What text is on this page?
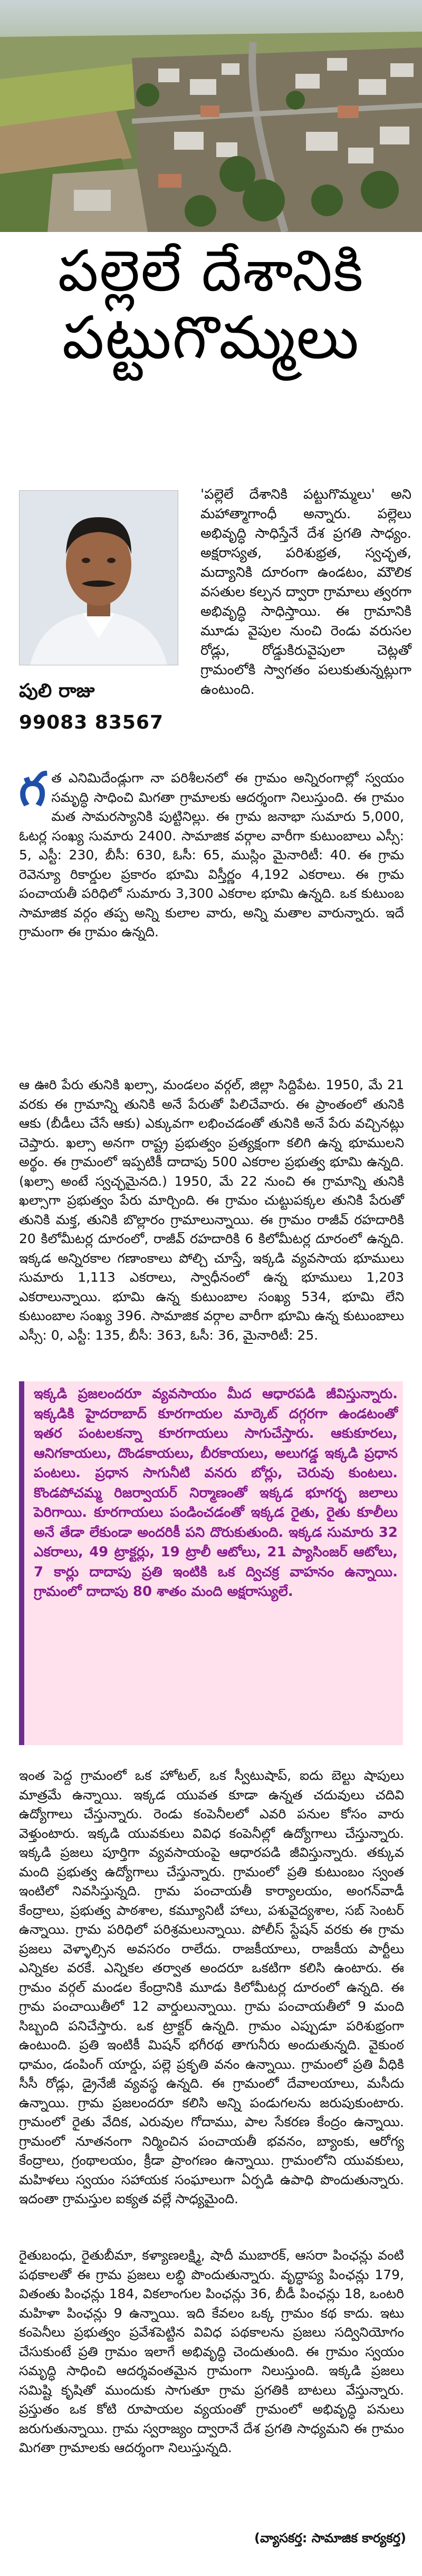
పల్లెలే దేశానికి
పట్టుగొమ్మలు
పులి రాజు
99083 83567

'పల్లెలే దేశానికి పట్టుగొమ్మలు' అని మహాత్మాగాంధీ అన్నారు. పల్లెలు అభివృద్ధి సాధిస్తేనే దేశ ప్రగతి సాధ్యం. అక్షరాస్యత, పరిశుభ్రత, స్వచ్ఛత, మద్యానికి దూరంగా ఉండటం, మౌలిక వసతుల కల్పన ద్వారా గ్రామాలు త్వరగా అభివృద్ధి సాధిస్తాయి. ఈ గ్రామానికి మూడు వైపుల నుంచి రెండు వరుసల రోడ్లు, రోడ్డుకిరువైపులా చెట్లతో గ్రామంలోకి స్వాగతం పలుకుతున్నట్లుగా ఉంటుంది.

గత ఎనిమిదేండ్లుగా నా పరిశీలనలో ఈ గ్రామం అన్నిరంగాల్లో స్వయం సమృద్ధి సాధించి మిగతా గ్రామాలకు ఆదర్శంగా నిలుస్తుంది. ఈ గ్రామం మత సామరస్యానికి పుట్టినిల్లు. ఈ గ్రామ జనాభా సుమారు 5,000, ఓటర్ల సంఖ్య సుమారు 2400. సామాజిక వర్గాల వారీగా కుటుంబాలు ఎస్సీ: 5, ఎస్టీ: 230, బీసీ: 630, ఓసీ: 65, ముస్లిం మైనారిటీ: 40. ఈ గ్రామ రెవెన్యూ రికార్డుల ప్రకారం భూమి విస్తీర్ణం 4,192 ఎకరాలు. ఈ గ్రామ పంచాయతీ పరిధిలో సుమారు 3,300 ఎకరాల భూమి ఉన్నది. ఒక కుటుంబ సామాజిక వర్గం తప్ప అన్ని కులాల వారు, అన్ని మతాల వారున్నారు. ఇదే గ్రామంగా ఈ గ్రామం ఉన్నది.

ఆ ఊరి పేరు తునికి ఖల్సా, మండలం వర్గల్, జిల్లా సిద్దిపేట. 1950, మే 21 వరకు ఈ గ్రామాన్ని తునికి అనే పేరుతో పిలిచేవారు. ఈ ప్రాంతంలో తునికి ఆకు (బీడీలు చేసే ఆకు) ఎక్కువగా లభించడంతో తునికి అనే పేరు వచ్చినట్లు చెప్తారు. ఖల్సా అనగా రాష్ట్ర ప్రభుత్వం ప్రత్యక్షంగా కలిగి ఉన్న భూములని అర్థం. ఈ గ్రామంలో ఇప్పటికీ దాదాపు 500 ఎకరాల ప్రభుత్వ భూమి ఉన్నది. (ఖల్సా అంటే స్వచ్ఛమైనది.) 1950, మే 22 నుంచి ఈ గ్రామాన్ని తునికి ఖల్సాగా ప్రభుత్వం పేరు మార్చింది. ఈ గ్రామం చుట్టుపక్కల తునికి పేరుతో తునికి మక్త, తునికి బొల్లారం గ్రామాలున్నాయి. ఈ గ్రామం రాజీవ్ రహదారికి 20 కిలోమీటర్ల దూరంలో, రాజీవ్ రహదారికి 6 కిలోమీటర్ల దూరంలో ఉన్నది. ఇక్కడ అన్నిరకాల గణాంకాలు పోల్చి చూస్తే, ఇక్కడి వ్యవసాయ భూములు సుమారు 1,113 ఎకరాలు, స్వాధీనంలో ఉన్న భూములు 1,203 ఎకరాలున్నాయి. భూమి ఉన్న కుటుంబాల సంఖ్య 534, భూమి లేని కుటుంబాల సంఖ్య 396. సామాజిక వర్గాల వారీగా భూమి ఉన్న కుటుంబాలు ఎస్సీ: 0, ఎస్టీ: 135, బీసీ: 363, ఓసీ: 36, మైనారిటీ: 25.

ఇక్కడి ప్రజలందరూ వ్యవసాయం మీద ఆధారపడి జీవిస్తున్నారు. ఇక్కడికి హైదరాబాద్ కూరగాయల మార్కెట్ దగ్గరగా ఉండటంతో ఇతర పంటలకన్నా కూరగాయలు సాగుచేస్తారు. ఆకుకూరలు, ఆనిగకాయలు, దొండకాయలు, బీరకాయలు, అలుగడ్డ ఇక్కడి ప్రధాన పంటలు. ప్రధాన సాగునీటి వనరు బోర్లు, చెరువు కుంటలు. కొండపోచమ్మ రిజర్వాయర్ నిర్మాణంతో ఇక్కడ భూగర్భ జలాలు పెరిగాయి. కూరగాయలు పండించడంతో ఇక్కడ రైతు, రైతు కూలీలు అనే తేడా లేకుండా అందరికీ పని దొరుకుతుంది. ఇక్కడ సుమారు 32 ఎకరాలు, 49 ట్రాక్టర్లు, 19 ట్రాలీ ఆటోలు, 21 ప్యాసింజర్ ఆటోలు, 7 కార్లు దాదాపు ప్రతి ఇంటికి ఒక ద్విచక్ర వాహనం ఉన్నాయి. గ్రామంలో దాదాపు 80 శాతం మంది అక్షరాస్యులే.

ఇంత పెద్ద గ్రామంలో ఒక హోటల్, ఒక స్వీటుషాప్, ఐదు బెల్టు షాపులు మాత్రమే ఉన్నాయి. ఇక్కడ యువత కూడా ఉన్నత చదువులు చదివి ఉద్యోగాలు చేస్తున్నారు. రెండు కంపెనీలలో ఎవరి పనుల కోసం వారు వెళ్తుంటారు. ఇక్కడి యువకులు వివిధ కంపెనీల్లో ఉద్యోగాలు చేస్తున్నారు. ఇక్కడి ప్రజలు పూర్తిగా వ్యవసాయంపై ఆధారపడి జీవిస్తున్నారు. తక్కువ మంది ప్రభుత్వ ఉద్యోగాలు చేస్తున్నారు. గ్రామంలో ప్రతి కుటుంబం స్వంత ఇంటిలో నివసిస్తున్నది. గ్రామ పంచాయతీ కార్యాలయం, అంగన్‌వాడీ కేంద్రాలు, ప్రభుత్వ పాఠశాల, కమ్యూనిటీ హాలు, పశువైద్యశాల, సబ్ సెంటర్ ఉన్నాయి. గ్రామ పరిధిలో పరిశ్రమలున్నాయి. పోలీస్ స్టేషన్ వరకు ఈ గ్రామ ప్రజలు వెళ్ళాల్సిన అవసరం రాలేదు. రాజకీయాలు, రాజకీయ పార్టీలు ఎన్నికల వరకే. ఎన్నికల తర్వాత అందరూ ఒకటిగా కలిసి ఉంటారు. ఈ గ్రామం వర్గల్ మండల కేంద్రానికి మూడు కిలోమీటర్ల దూరంలో ఉన్నది. ఈ గ్రామ పంచాయితీలో 12 వార్డులున్నాయి. గ్రామ పంచాయతీలో 9 మంది సిబ్బంది పనిచేస్తారు. ఒక ట్రాక్టర్ ఉన్నది. గ్రామం ఎప్పుడూ పరిశుభ్రంగా ఉంటుంది. ప్రతి ఇంటికీ మిషన్ భగీరథ తాగునీరు అందుతున్నది. వైకుంఠ ధామం, డంపింగ్ యార్డు, పల్లె ప్రకృతి వనం ఉన్నాయి. గ్రామంలో ప్రతి వీధికి సీసీ రోడ్లు, డ్రైనేజీ వ్యవస్థ ఉన్నది. ఈ గ్రామంలో దేవాలయాలు, మసీదు ఉన్నాయి. గ్రామ ప్రజలందరూ కలిసి అన్ని పండుగలను జరుపుకుంటారు. గ్రామంలో రైతు వేదిక, ఎరువుల గోదాము, పాల సేకరణ కేంద్రం ఉన్నాయి. గ్రామంలో నూతనంగా నిర్మించిన పంచాయతీ భవనం, బ్యాంకు, ఆరోగ్య కేంద్రాలు, గ్రంథాలయం, క్రీడా ప్రాంగణం ఉన్నాయి. గ్రామంలోని యువకులు, మహిళలు స్వయం సహాయక సంఘాలుగా ఏర్పడి ఉపాధి పొందుతున్నారు. ఇదంతా గ్రామస్తుల ఐక్యత వల్లే సాధ్యమైంది.

రైతుబంధు, రైతుబీమా, కళ్యాణలక్ష్మి, షాదీ ముబారక్, ఆసరా పింఛన్లు వంటి పథకాలతో ఈ గ్రామ ప్రజలు లబ్ధి పొందుతున్నారు. వృద్ధాప్య పింఛన్లు 179, వితంతు పింఛన్లు 184, వికలాంగుల పింఛన్లు 36, బీడీ పింఛన్లు 18, ఒంటరి మహిళా పింఛన్లు 9 ఉన్నాయి. ఇది కేవలం ఒక్క గ్రామం కథ కాదు. ఇటు కంపెనీలు ప్రభుత్వం ప్రవేశపెట్టిన వివిధ పథకాలను ప్రజలు సద్వినియోగం చేసుకుంటే ప్రతి గ్రామం ఇలాగే అభివృద్ధి చెందుతుంది. ఈ గ్రామం స్వయం సమృద్ధి సాధించి ఆదర్శవంతమైన గ్రామంగా నిలుస్తుంది. ఇక్కడి ప్రజలు సమిష్టి కృషితో ముందుకు సాగుతూ గ్రామ ప్రగతికి బాటలు వేస్తున్నారు. ప్రస్తుతం ఒక కోటి రూపాయల వ్యయంతో గ్రామంలో అభివృద్ధి పనులు జరుగుతున్నాయి. గ్రామ స్వరాజ్యం ద్వారానే దేశ ప్రగతి సాధ్యమని ఈ గ్రామం మిగతా గ్రామాలకు ఆదర్శంగా నిలుస్తున్నది.

(వ్యాసకర్త: సామాజిక కార్యకర్త)
